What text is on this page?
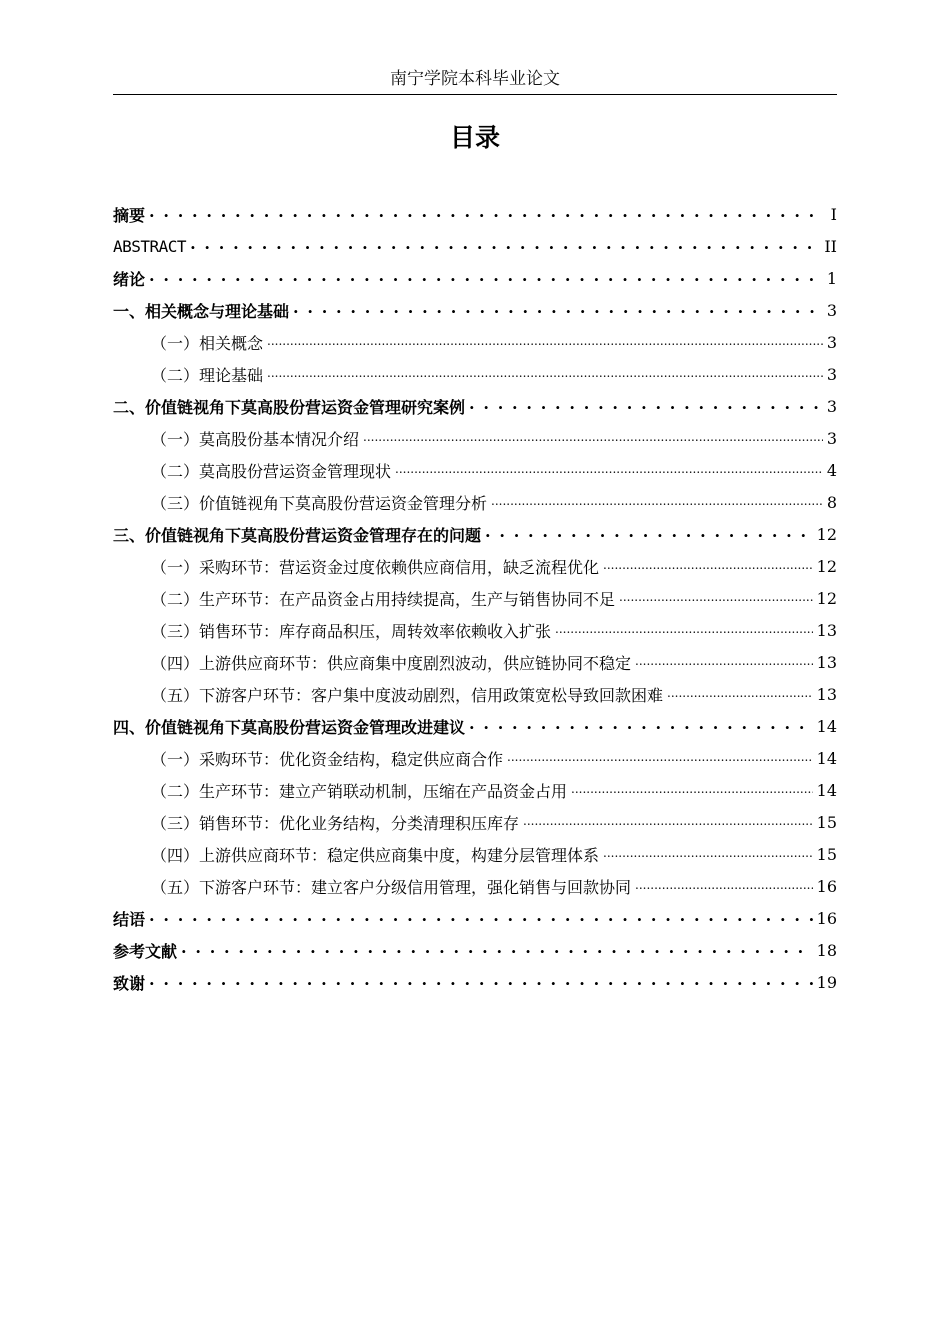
南宁学院本科毕业论文
目录
摘要 . . .	I
ABSTRACT . . .	II
绪论 . . .	1
一、相关概念与理论基础 . . .	3
（一）相关概念 .....	3
（二）理论基础 .....	3
二、价值链视角下莫高股份营运资金管理研究案例 . . .	3
（一）莫高股份基本情况介绍 .....	3
（二）莫高股份营运资金管理现状 .....	4
（三）价值链视角下莫高股份营运资金管理分析 .....	8
三、价值链视角下莫高股份营运资金管理存在的问题 . . .	12
（一）采购环节：营运资金过度依赖供应商信用，缺乏流程优化 .....	12
（二）生产环节：在产品资金占用持续提高，生产与销售协同不足 .....	12
（三）销售环节：库存商品积压，周转效率依赖收入扩张 .....	13
（四）上游供应商环节：供应商集中度剧烈波动，供应链协同不稳定 .....	13
（五）下游客户环节：客户集中度波动剧烈，信用政策宽松导致回款困难 .....	13
四、价值链视角下莫高股份营运资金管理改进建议 . . .	14
（一）采购环节：优化资金结构，稳定供应商合作 .....	14
（二）生产环节：建立产销联动机制，压缩在产品资金占用 .....	14
（三）销售环节：优化业务结构，分类清理积压库存 .....	15
（四）上游供应商环节：稳定供应商集中度，构建分层管理体系 .....	15
（五）下游客户环节：建立客户分级信用管理，强化销售与回款协同 .....	16
结语 . . .	16
参考文献 . . .	18
致谢 . . .	19
